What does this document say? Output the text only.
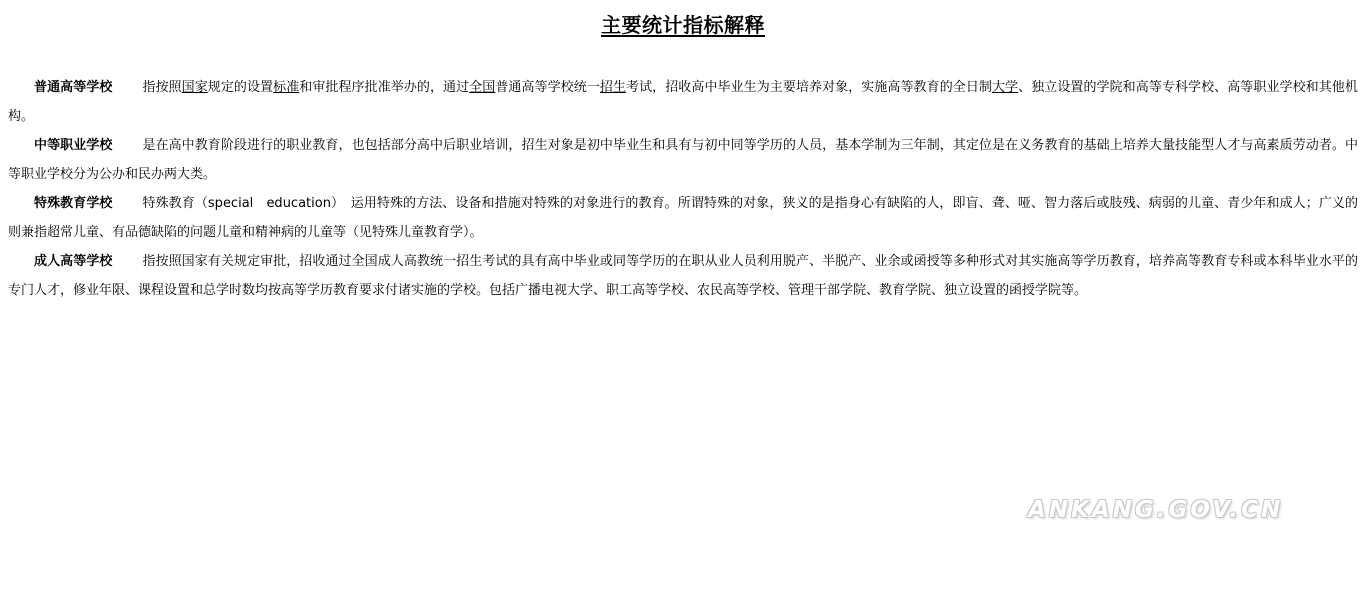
主要统计指标解释

普通高等学校 指按照国家规定的设置标准和审批程序批准举办的，通过全国普通高等学校统一招生考试，招收高中毕业生为主要培养对象，实施高等教育的全日制大学、独立设置的学院和高等专科学校、高等职业学校和其他机构。

中等职业学校 是在高中教育阶段进行的职业教育，也包括部分高中后职业培训，招生对象是初中毕业生和具有与初中同等学历的人员，基本学制为三年制，其定位是在义务教育的基础上培养大量技能型人才与高素质劳动者。中等职业学校分为公办和民办两大类。

特殊教育学校 特殊教育（special　education）　运用特殊的方法、设备和措施对特殊的对象进行的教育。所谓特殊的对象，狭义的是指身心有缺陷的人，即盲、聋、哑、智力落后或肢残、病弱的儿童、青少年和成人；广义的则兼指超常儿童、有品德缺陷的问题儿童和精神病的儿童等（见特殊儿童教育学）。

成人高等学校 指按照国家有关规定审批，招收通过全国成人高教统一招生考试的具有高中毕业或同等学历的在职从业人员利用脱产、半脱产、业余或函授等多种形式对其实施高等学历教育，培养高等教育专科或本科毕业水平的专门人才，修业年限、课程设置和总学时数均按高等学历教育要求付诸实施的学校。包括广播电视大学、职工高等学校、农民高等学校、管理干部学院、教育学院、独立设置的函授学院等。

ANKANG.GOV.CN
